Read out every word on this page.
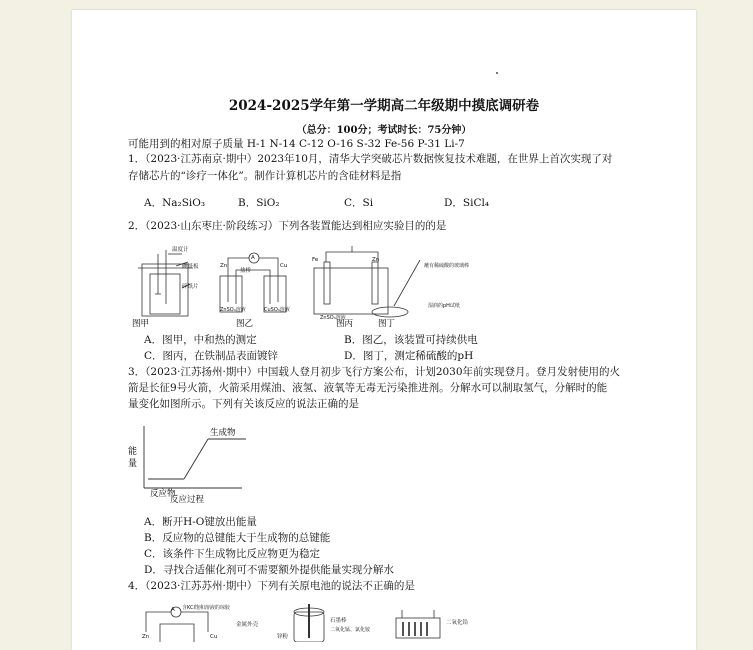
2024-2025学年第一学期高二年级期中摸底调研卷
（总分：100分；考试时长：75分钟）
可能用到的相对原子质量 H-1 N-14 C-12 O-16 S-32 Fe-56 P-31 Li-7
1．（2023·江苏南京·期中）2023年10月，清华大学突破芯片数据恢复技术难题，在世界上首次实现了对
存储芯片的“诊疗一体化”。制作计算机芯片的含硅材料是指
A．Na₂SiO₃	B．SiO₂	C．Si	D．SiCl₄
2．（2023·山东枣庄·阶段练习）下列各装置能达到相应实验目的的是
图甲	图乙	图丙	图丁
温度计
硬纸板
碎纸片
A
盐桥
Zn	Cu
CuSO₄溶液
ZnSO₄溶液
Fe	Zn
ZnSO₄溶液
蘸有稀硫酸的玻璃棒
湿润的pH试纸
A．图甲，中和热的测定	B．图乙，该装置可持续供电
C．图丙，在铁制品表面镀锌	D．图丁，测定稀硫酸的pH
3．（2023·江苏扬州·期中）中国载人登月初步飞行方案公布，计划2030年前实现登月。登月发射使用的火
箭是长征9号火箭，火箭采用煤油、液氢、液氧等无毒无污染推进剂。分解水可以制取氢气，分解时的能
量变化如图所示。下列有关该反应的说法正确的是
能
量
生成物
反应物
反应过程
A．断开H-O键放出能量
B．反应物的总键能大于生成物的总键能
C．该条件下生成物比反应物更为稳定
D．寻找合适催化剂可不需要额外提供能量实现分解水
4．（2023·江苏苏州·期中）下列有关原电池的说法不正确的是
A 含KCl饱和溶液的琼胶
Zn	Cu
金属外壳
锌粉
石墨棒
二氧化锰、氯化铵
二氧化铅
